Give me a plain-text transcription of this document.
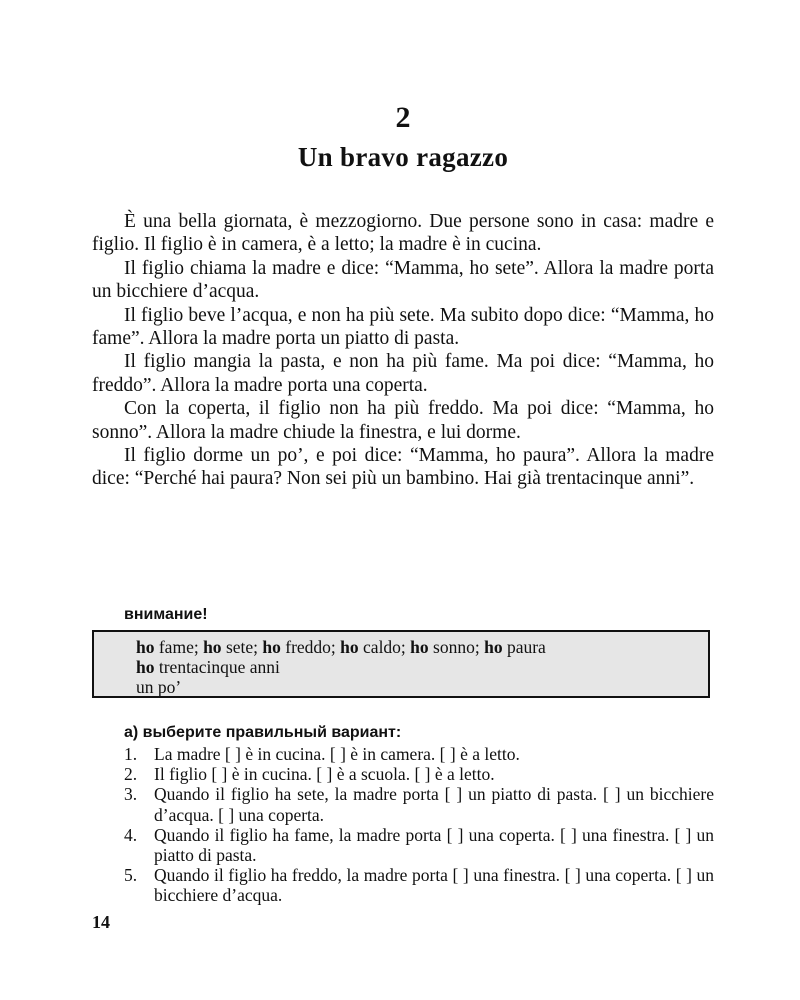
2
Un bravo ragazzo

È una bella giornata, è mezzogiorno. Due persone sono in casa: madre e figlio. Il figlio è in camera, è a letto; la madre è in cucina.

Il figlio chiama la madre e dice: “Mamma, ho sete”. Allora la madre porta un bicchiere d’acqua.

Il figlio beve l’acqua, e non ha più sete. Ma subito dopo dice: “Mamma, ho fame”. Allora la madre porta un piatto di pasta.

Il figlio mangia la pasta, e non ha più fame. Ma poi dice: “Mamma, ho freddo”. Allora la madre porta una coperta.

Con la coperta, il figlio non ha più freddo. Ma poi dice: “Mamma, ho sonno”. Allora la madre chiude la finestra, e lui dorme.

Il figlio dorme un po’, e poi dice: “Mamma, ho paura”. Allora la madre dice: “Perché hai paura? Non sei più un bambino. Hai già trentacinque anni”.

внимание!
ho fame; ho sete; ho freddo; ho caldo; ho sonno; ho paura
ho trentacinque anni
un po’
а) выберите правильный вариант:
1. La madre [ ] è in cucina. [ ] è in camera. [ ] è a letto.
2. Il figlio [ ] è in cucina. [ ] è a scuola. [ ] è a letto.
3. Quando il figlio ha sete, la madre porta [ ] un piatto di pasta. [ ] un bicchiere d’acqua. [ ] una coperta.
4. Quando il figlio ha fame, la madre porta [ ] una coperta. [ ] una finestra. [ ] un piatto di pasta.
5. Quando il figlio ha freddo, la madre porta [ ] una finestra. [ ] una coperta. [ ] un bicchiere d’acqua.
14
